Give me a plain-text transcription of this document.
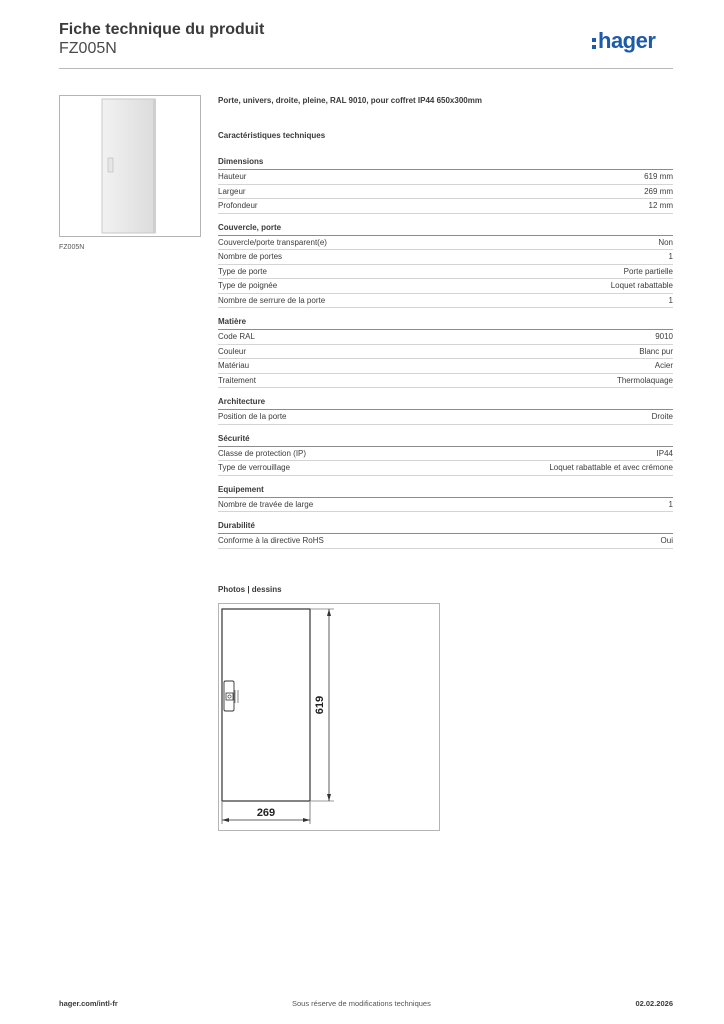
Fiche technique du produit
FZ005N	hager
FZ005N
Porte, univers, droite, pleine, RAL 9010, pour coffret IP44 650x300mm
Caractéristiques techniques
Dimensions
Hauteur	619 mm
Largeur	269 mm
Profondeur	12 mm
Couvercle, porte
Couvercle/porte transparent(e)	Non
Nombre de portes	1
Type de porte	Porte partielle
Type de poignée	Loquet rabattable
Nombre de serrure de la porte	1
Matière
Code RAL	9010
Couleur	Blanc pur
Matériau	Acier
Traitement	Thermolaquage
Architecture
Position de la porte	Droite
Sécurité
Classe de protection (IP)	IP44
Type de verrouillage	Loquet rabattable et avec crémone
Equipement
Nombre de travée de large	1
Durabilité
Conforme à la directive RoHS	Oui
Photos | dessins
619
269
hager.com/intl-fr	Sous réserve de modifications techniques	02.02.2026
